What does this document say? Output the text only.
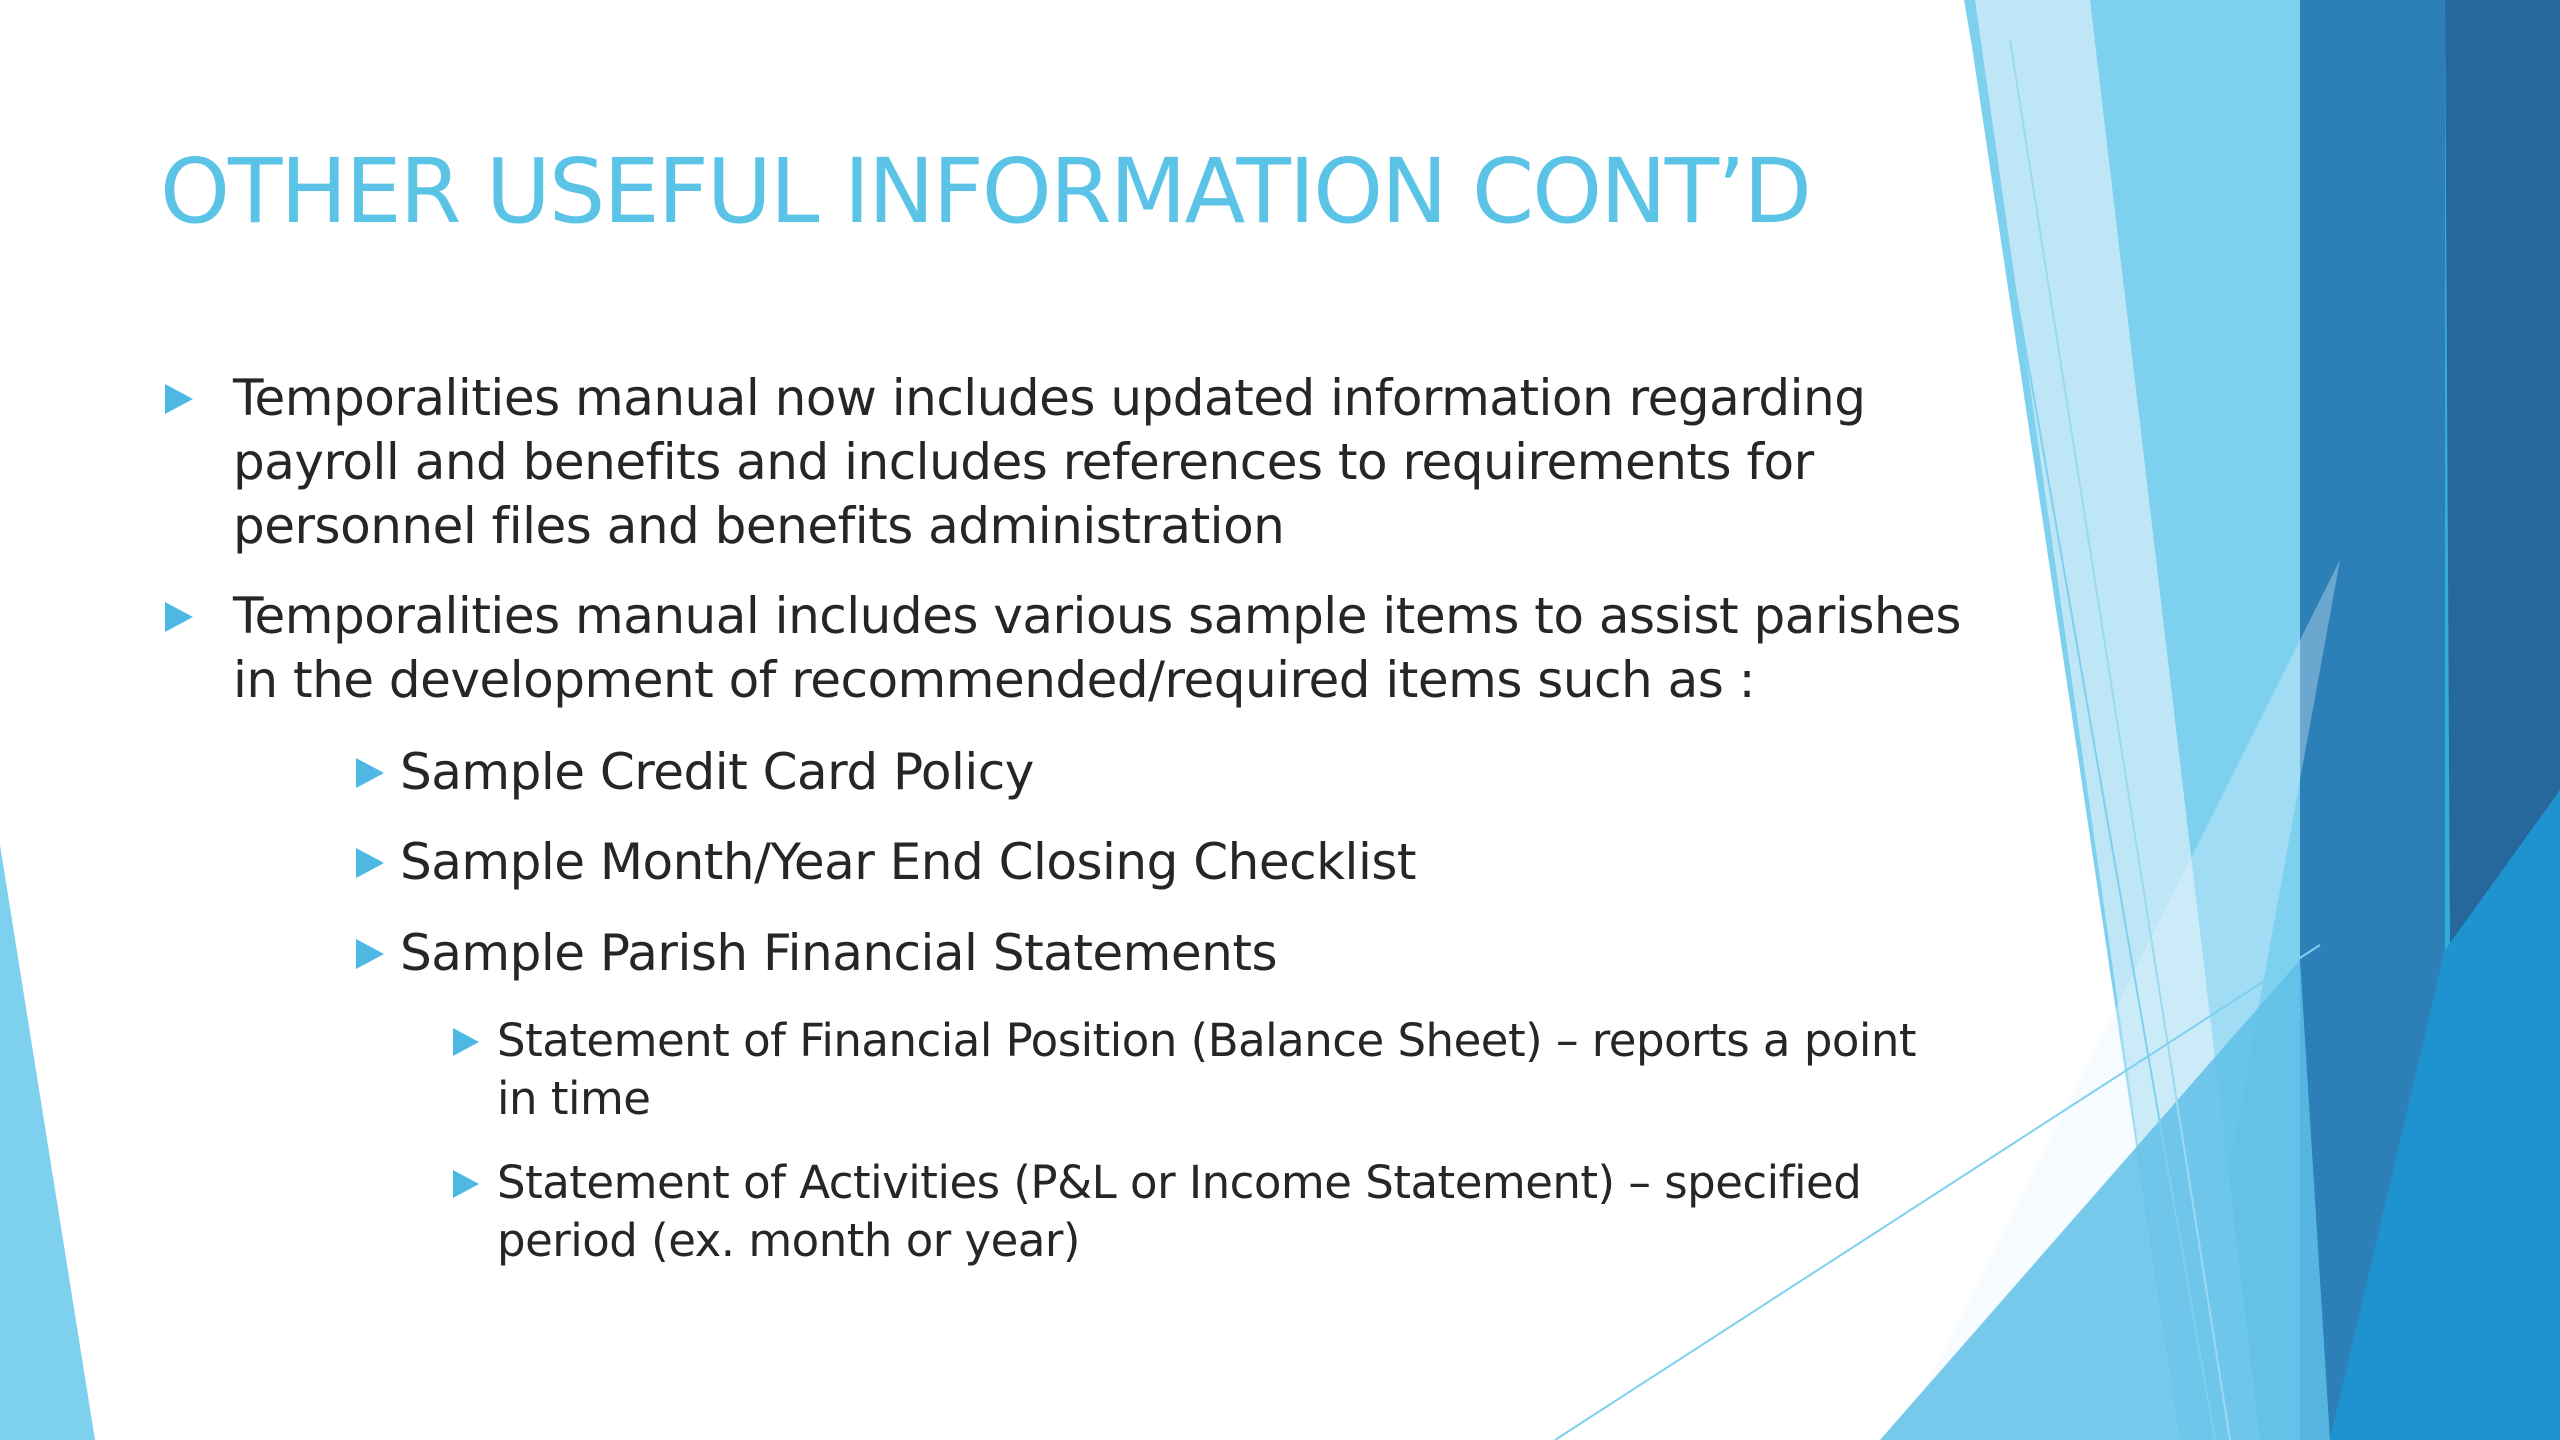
OTHER USEFUL INFORMATION CONT’D

Temporalities manual now includes updated information regarding payroll and benefits and includes references to requirements for personnel files and benefits administration

Temporalities manual includes various sample items to assist parishes in the development of recommended/required items such as :

Sample Credit Card Policy

Sample Month/Year End Closing Checklist

Sample Parish Financial Statements

Statement of Financial Position (Balance Sheet) – reports a point in time

Statement of Activities (P&L or Income Statement) – specified period (ex. month or year)
